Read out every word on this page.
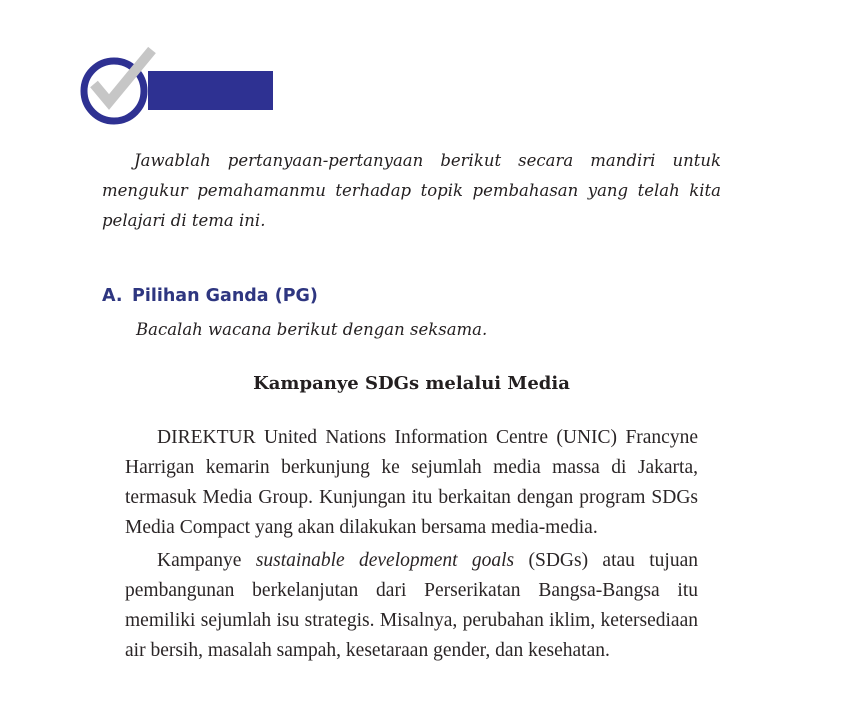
Evaluasi

Jawablah pertanyaan-pertanyaan berikut secara mandiri untuk mengukur pemahamanmu terhadap topik pembahasan yang telah kita pelajari di tema ini.

A. Pilihan Ganda (PG)

Bacalah wacana berikut dengan seksama.

Kampanye SDGs melalui Media

DIREKTUR United Nations Information Centre (UNIC) Francyne Harrigan kemarin berkunjung ke sejumlah media massa di Jakarta, termasuk Media Group. Kunjungan itu berkaitan dengan program SDGs Media Compact yang akan dilakukan bersama media-media.

Kampanye sustainable development goals (SDGs) atau tujuan pembangunan berkelanjutan dari Perserikatan Bangsa-Bangsa itu memiliki sejumlah isu strategis. Misalnya, perubahan iklim, ketersediaan air bersih, masalah sampah, kesetaraan gender, dan kesehatan.
